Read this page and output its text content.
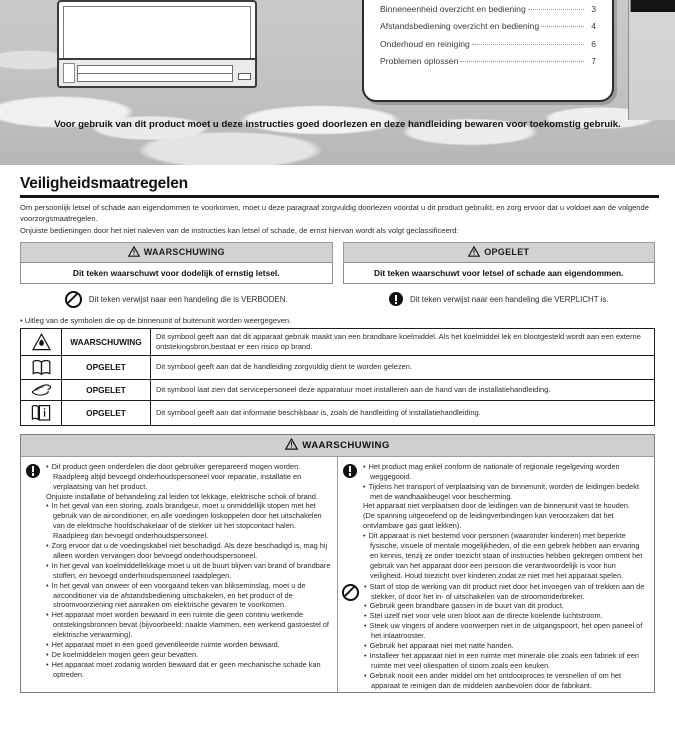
Binneneenheid overzicht en bediening	3
Afstandsbediening overzicht en bediening	4
Onderhoud en reiniging	6
Problemen oplossen	7
Voor gebruik van dit product moet u deze instructies goed doorlezen en deze handleiding bewaren voor toekomstig gebruik.
Veiligheidsmaatregelen
Om persoonlijk letsel of schade aan eigendommen te voorkomen, moet u deze paragraaf zorgvuldig doorlezen voordat u dit product gebruikt, en zorg ervoor dat u voldoet aan de volgende voorzorgsmaatregelen.
Onjuiste bedieningen door het niet naleven van de instructies kan letsel of schade, de ernst hiervan wordt als volgt geclassificeerd:
WAARSCHUWING
Dit teken waarschuwt voor dodelijk of ernstig letsel.
OPGELET
Dit teken waarschuwt voor letsel of schade aan eigendommen.
Dit teken verwijst naar een handeling die is VERBODEN.	Dit teken verwijst naar een handeling die VERPLICHT is.
• Uitleg van de symbolen die op de binnenunit of buitenunit worden weergegeven.
	WAARSCHUWING	Dit symbool geeft aan dat dit apparaat gebruik maakt van een brandbare koelmiddel. Als het koelmiddel lek en blootgesteld wordt aan een externe ontstekingsbron,bestaat er een risico op brand.

	OPGELET	Dit symbool geeft aan dat de handleiding zorgvuldig dient te worden gelezen.

	OPGELET	Dit symbool laat zien dat servicepersoneel deze apparatuur moet installeren aan de hand van de installatiehandleiding.

	OPGELET	Dit symbool geeft aan dat informatie beschikbaar is, zoals de handleiding of installatiehandleiding.
WAARSCHUWING
• Dit product geen onderdelen die door gebruiker gerepareerd mogen worden. Raadpleeg altijd bevoegd onderhoudspersoneel voor reparatie, installatie en verplaatsing van het product.
Onjuiste installatie of behandeling zal leiden tot lekkage, elektrische schok of brand.
• In het geval van een storing, zoals brandgeur, moet u onmiddellijk stopen met het gebruik van de airconditioner, en alle voedingen loskoppelen door het uitschakelen van de elektrische hoofdschakelaar of de stekker uit het stopcontact halen. Raadpleeg dan bevoegd onderhoudspersoneel.
• Zorg ervoor dat u de voedingskabel niet beschadigd. Als deze beschadigd is, mag hij alleen worden vervangen door bevoegd onderhoudspersoneel.
• In het geval van koelmiddellekkage moet u uit de buurt blijven van brand of brandbare stoffen, en bevoegd onderhoudspersoneel raadplegen.
• In het geval van onweer of een voorgaand teken van blikseminslag, moet u de airconditioner via de afstandsbediening uitschakelen, en het product of de stroomvoorziening niet aanraken om elektrische gevaren te voorkomen.
• Het apparaat moet worden bewaard in een ruimte die geen continu werkende ontstekingsbronnen bevat (bijvoorbeeld: naakte vlammen, een werkend gastoestel of elektrische verwarming).
• Het apparaat moet in een goed geventileerde ruimte worden bewaard.
• De koelmiddelen mogen geen geur bevatten.
• Het apparaat moet zodanig worden bewaard dat er geen mechanische schade kan optreden.
• Het product mag enkel conform de nationale of regionale regelgeving worden weggegooid.
• Tijdens het transport of verplaatsing van de binnenunit, worden de leidingen bedekt met de wandhaakbeugel voor bescherming.
Het apparaat niet verplaatsen door de leidingen van de binnenunit vast te houden.
(De spanning uitgeoefend op de leidingverbindingen kan veroorzaken dat het ontvlambare gas gaat lekken).
• Dit apparaat is niet bestemd voor personen (waaronder kinderen) met beperkte fysische, visuele of mentale mogelijkheden, of die een gebrek hebben aan ervaring en kennis, tenzij ze onder toezicht staan of instructies hebben gekregen omtrent het gebruik van het apparaat door een persoon die verantwoordelijk is voor hun veiligheid. Houd toezicht over kinderen zodat ze niet met het apparaat spelen.
• Start of stop de werking van dit product niet door het invoegen van of trekken aan de stekker, of door het in- of uitschakelen van de stroomonderbreker.
• Gebruik geen brandbare gassen in de buurt van dit product.
• Stel uzelf niet voor vele uren bloot aan de directe koelende luchtstroom.
• Steek uw vingers of andere voorwerpen niet in de uitgangspoort, het open paneel of het inlaatrooster.
• Gebruik het apparaat niet met natte handen.
• Installeer het apparaat niet in een ruimte met minerale olie zoals een fabriek of een ruimte met veel oliespatten of stoom zoals een keuken.
• Gebruik nooit een ander middel om het ontdooiproces te versnellen of om het apparaat te reinigen dan de middelen aanbevolen door de fabrikant.
